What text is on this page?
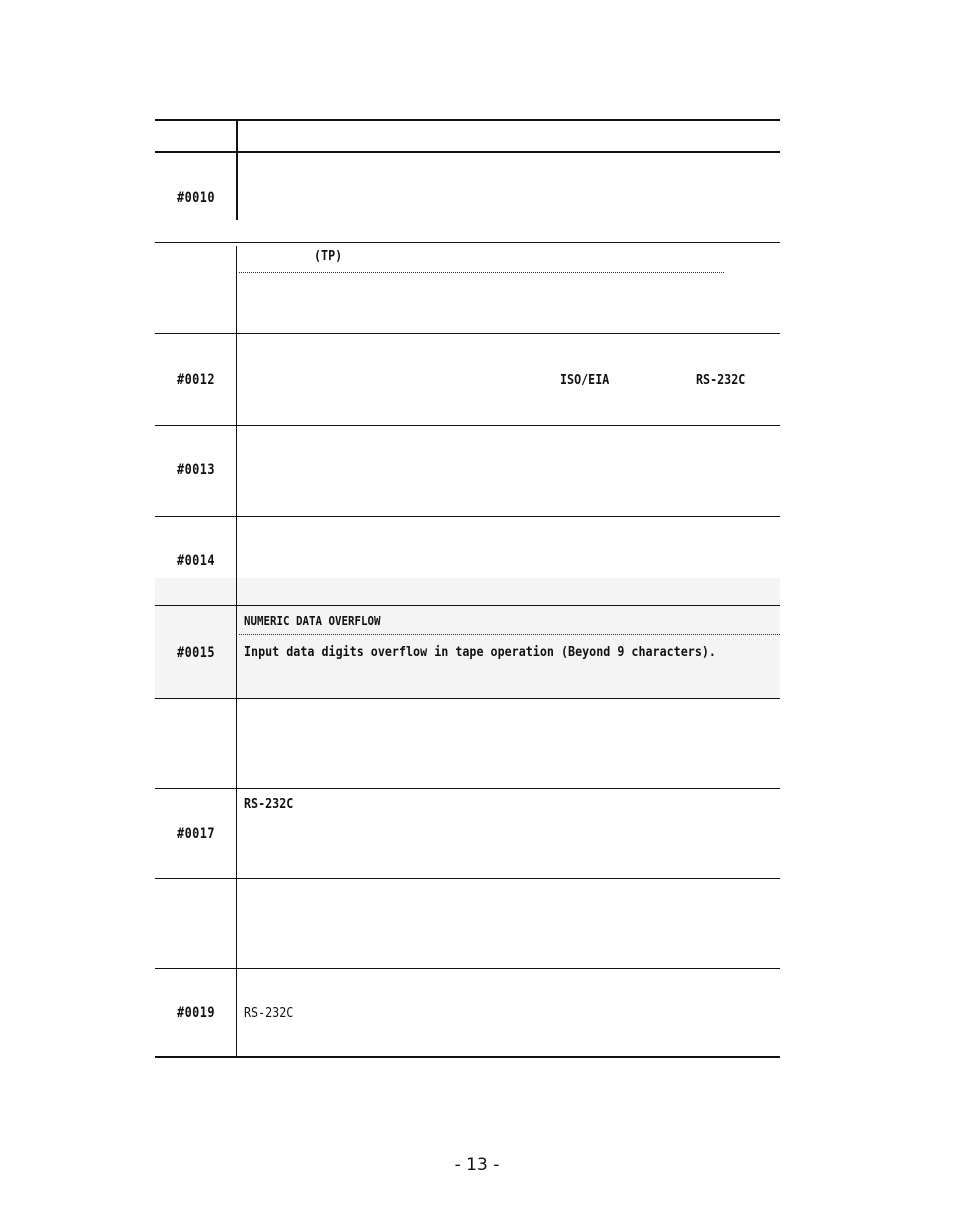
#0010
#0012
#0013
#0014
#0015
#0017
#0019
(TP)
ISO/EIA	RS-232C
NUMERIC DATA OVERFLOW
Input data digits overflow in tape operation (Beyond 9 characters).
RS-232C
RS-232C
- 13 -
